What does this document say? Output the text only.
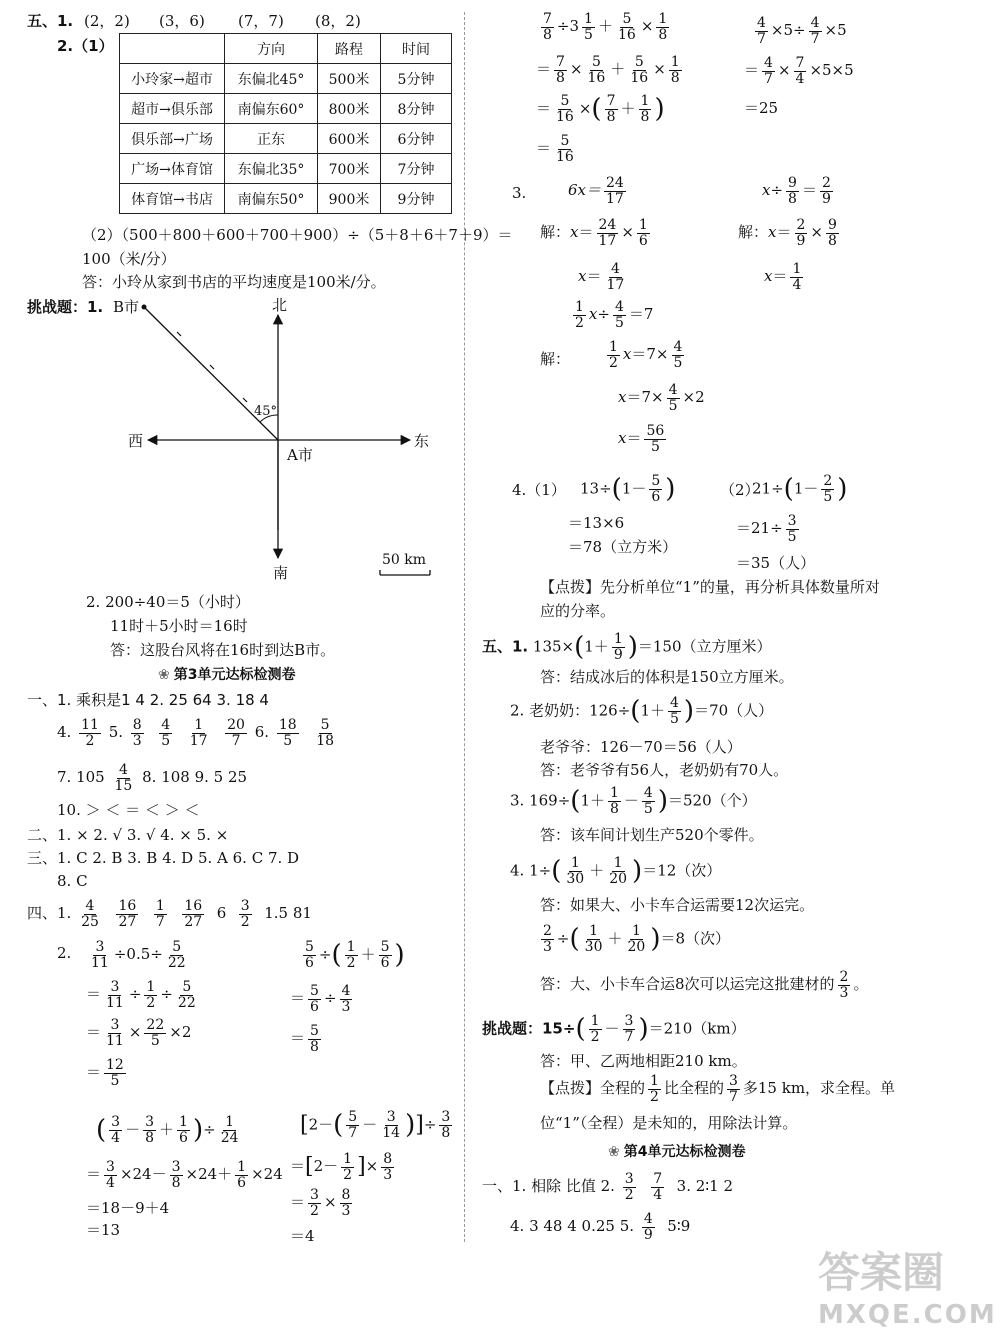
五、1. (2，2) (3，6) (7，7) (8，2)
2.（1）
		方向	路程	时间
小玲家→超市	东偏北45°	500米	5分钟
超市→俱乐部	南偏东60°	800米	8分钟
俱乐部→广场	正东	600米	6分钟
广场→体育馆	东偏北35°	700米	7分钟
体育馆→书店	南偏东50°	900米	9分钟
（2）（500＋800＋600＋700＋900）÷（5＋8＋6＋7＋9）＝
100（米/分）
答：小玲从家到书店的平均速度是100米/分。
挑战题：1. B市	北
西	东
45°
A市
南
50 km
2. 200÷40＝5（小时）
11时＋5小时＝16时
答：这股台风将在16时到达B市。
❀ 第3单元达标检测卷
一、1. 乘积是1 4 2. 25 64 3. 18 4
4. $\frac{11}{2} 5$. $\frac{8}{3}$
$\frac{4}{5}$
$\frac{1}{17}$
$\frac{20}{7} 6$. $\frac{18}{5}$
$\frac{5}{18}$
7. $105 \frac{4}{15} 8$. 108 9. 5 25
10. ＞ ＜ ＝ ＜ ＞ ＜
二、1. × 2. √ 3. √ 4. × 5. ×
三、1. C 2. B 3. B 4. D 5. A 6. C 7. D
8. C
四、1. $\frac{4}{25}$
$\frac{16}{27}$
$\frac{1}{7}$
$\frac{16}{27} 6 \frac{3}{2} 1.5$ 81
2. $\frac{3}{11} \div 0.5\div \frac{5}{22}$
＝ $\frac{3}{11} \div \frac{1}{2} \div \frac{5}{22}$
＝ $\frac{3}{11} \times \frac{22}{5} \times 2$
＝ $\frac{12}{5}$
$\frac{5}{6}$ ÷( $\frac{1}{2} + \frac{5}{6}$ )
＝ $\frac{5}{6} \div \frac{4}{3}$
＝ $\frac{5}{8}$
( $\frac{3}{4} - \frac{3}{8} + \frac{1}{6}$ )÷ $\frac{1}{24}$
＝ $\frac{3}{4} \times 24- \frac{3}{8} \times 24+ \frac{1}{6} \times 24$
＝18－9＋4
＝13
[$2-( \frac{5}{7} - \frac{3}{14}$ )]÷ $\frac{3}{8}$
$=[2- \frac{1}{2}$ ]× $\frac{8}{3}$
＝ $\frac{3}{2} \times \frac{8}{3}$
＝4
$\frac{7}{8} \div 3 \frac{1}{5} + \frac{5}{16} \times \frac{1}{8}$
＝ $\frac{7}{8} \times \frac{5}{16} + \frac{5}{16} \times \frac{1}{8}$
＝ $\frac{5}{16}$ ×( $\frac{7}{8} + \frac{1}{8}$ )
＝ $\frac{5}{16}$
$\frac{4}{7} \times 5\div \frac{4}{7} \times 5$
＝ $\frac{4}{7} \times \frac{7}{4} \times 5\times 5$
＝25
3.	$6x= \frac{24}{17}$
解：$x= \frac{24}{17} \times \frac{1}{6}$
$x= \frac{4}{17}$
$x\div \frac{9}{8} = \frac{2}{9}$
解：$x= \frac{2}{9} \times \frac{9}{8}$
$x= \frac{1}{4}$
$\frac{1}{2} x\div \frac{4}{5} =7$
解：	$\frac{1}{2} x=7\times \frac{4}{5}$
$x=7\times \frac{4}{5} \times 2$
$x= \frac{56}{5}$
4.（1） $13\div(1- \frac{5}{6}$ )
＝13×6
＝78（立方米）
（2）
$21\div(1- \frac{2}{5}$ )
$=21\div \frac{3}{5}$
＝35（人）
【点拨】先分析单位“1”的量，再分析具体数量所对
应的分率。
五、1. $135\times(1+ \frac{1}{9} )=150$（立方厘米）
答：结成冰后的体积是150立方厘米。
2. 老奶奶：$126\div(1+ \frac{4}{5} )=70$（人）
老爷爷：126－70＝56（人）
答：老爷爷有56人，老奶奶有70人。
3. $169\div(1+ \frac{1}{8} - \frac{4}{5} )=520$（个）
答：该车间计划生产520个零件。
4. $1\div( \frac{1}{30} + \frac{1}{20} )=12$（次）
答：如果大、小卡车合运需要12次运完。
$\frac{2}{3}$ ÷( $\frac{1}{30} + \frac{1}{20} )=8$（次）
答：大、小卡车合运8次可以运完这批建材的 $\frac{2}{3}$ 。
挑战题：$15\div( \frac{1}{2} - \frac{3}{7} )=210(km)$
答：甲、乙两地相距210 km。
【点拨】全程的 $\frac{1}{2}$ 比全程的 $\frac{3}{7}$ 多15 km，求全程。单
位“1”（全程）是未知的，用除法计算。
❀ 第4单元达标检测卷
一、1. 相除 比值 2. $\frac{3}{2}$
$\frac{7}{4} 3$. 2∶1 2
4. 3 48 4 0.25 5. $\frac{4}{9}$ 5∶9
答案圈
MXQE.COM
